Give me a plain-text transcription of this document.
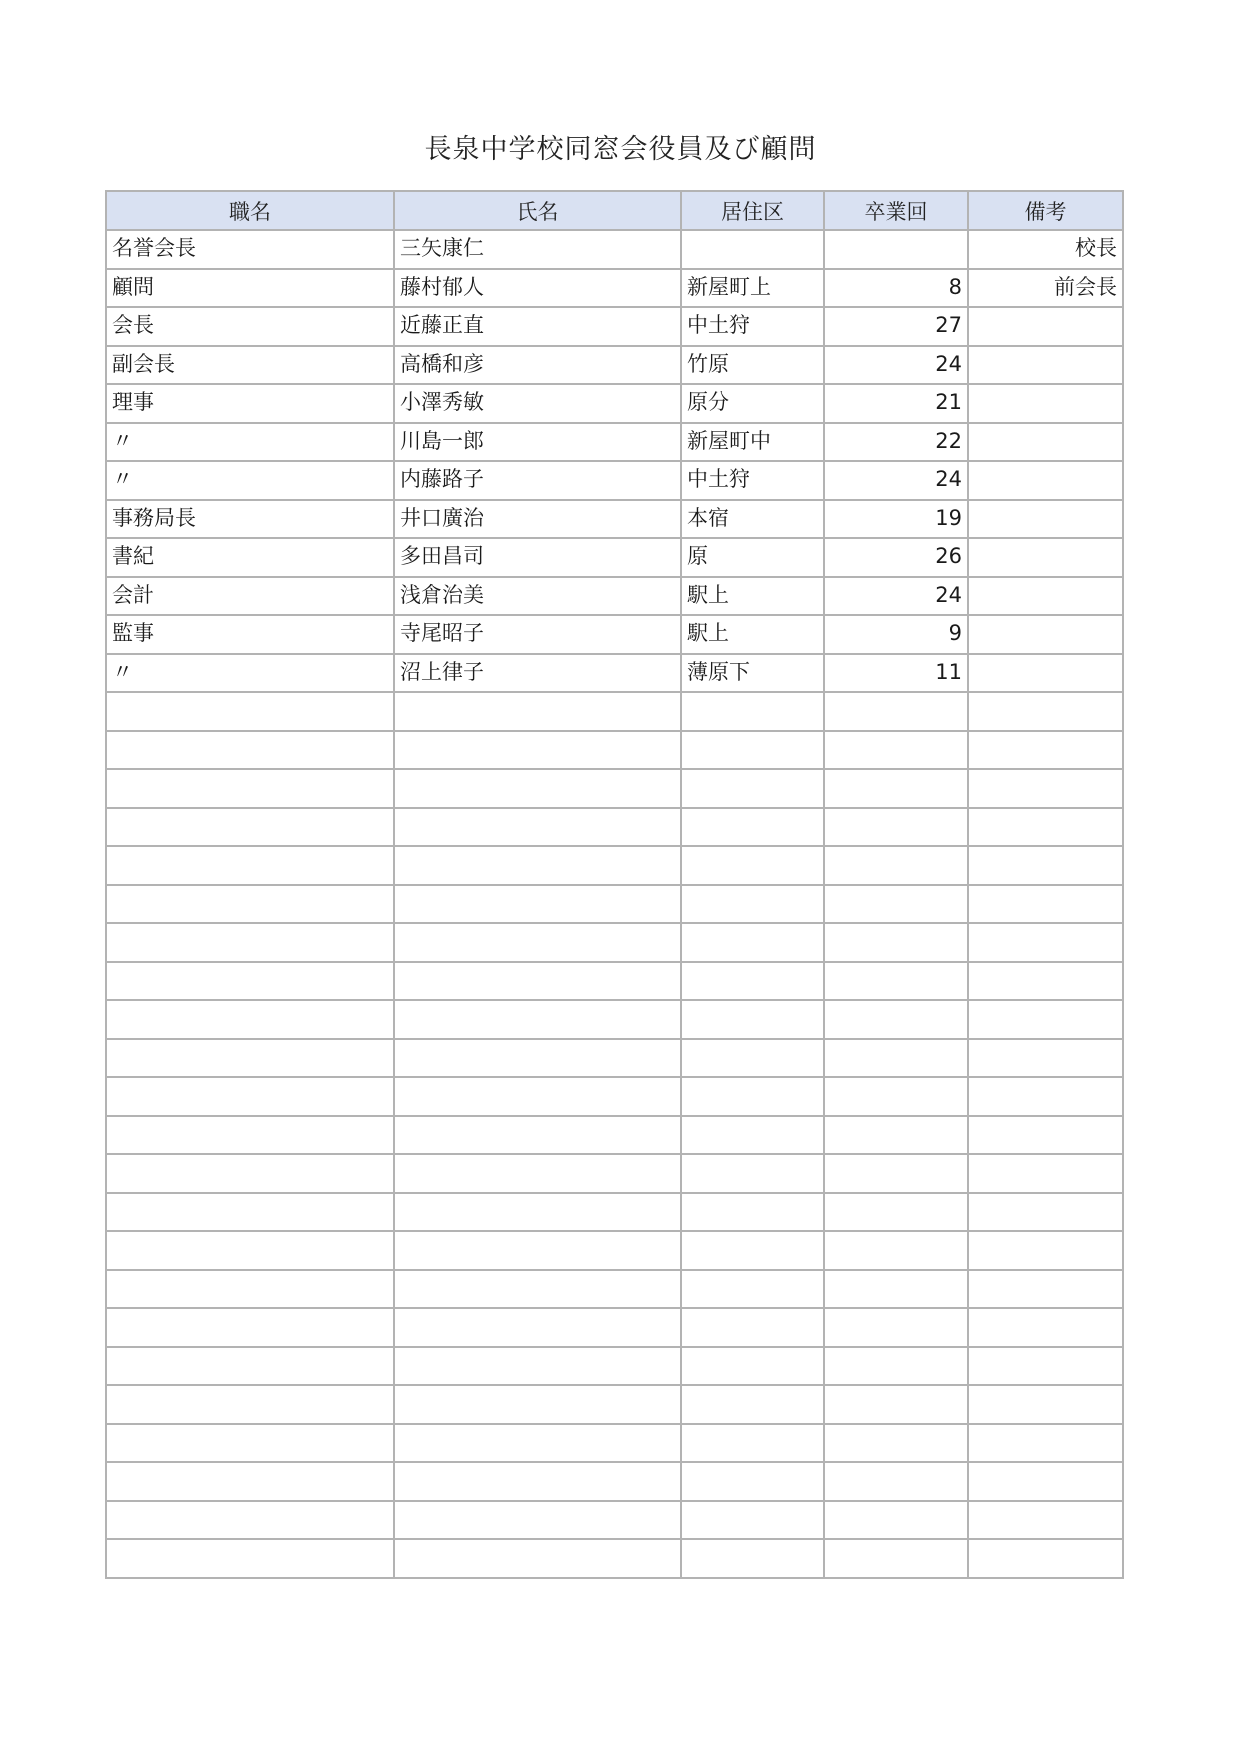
長泉中学校同窓会役員及び顧問
職名	氏名	居住区	卒業回	備考
名誉会長	三矢康仁			校長
顧問	藤村郁人	新屋町上	8	前会長
会長	近藤正直	中土狩	27	
副会長	高橋和彦	竹原	24	
理事	小澤秀敏	原分	21	
〃	川島一郎	新屋町中	22	
〃	内藤路子	中土狩	24	
事務局長	井口廣治	本宿	19	
書紀	多田昌司	原	26	
会計	浅倉治美	駅上	24	
監事	寺尾昭子	駅上	9	
〃	沼上律子	薄原下	11	
